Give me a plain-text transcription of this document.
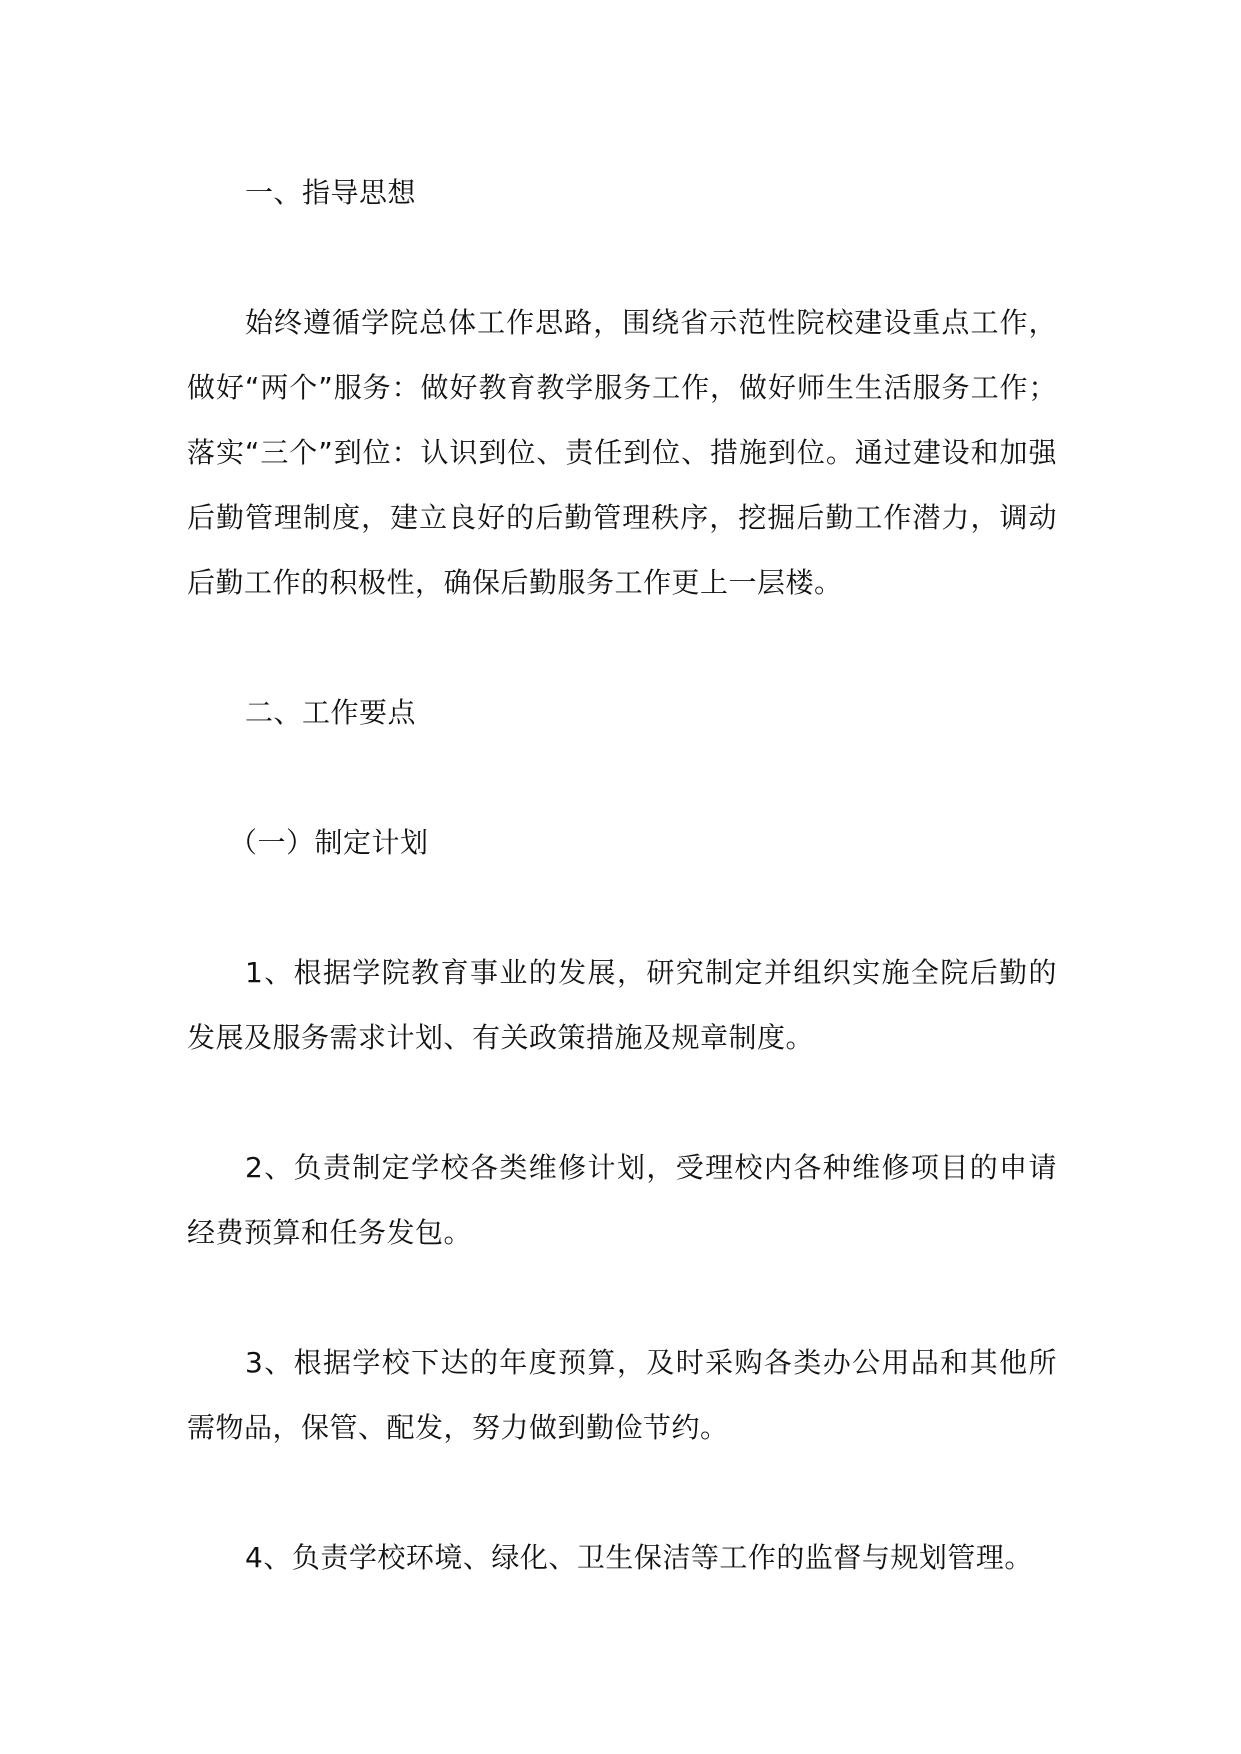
一、指导思想

始终遵循学院总体工作思路，围绕省示范性院校建设重点工作，做好“两个”服务：做好教育教学服务工作，做好师生生活服务工作；落实“三个”到位：认识到位、责任到位、措施到位。通过建设和加强后勤管理制度，建立良好的后勤管理秩序，挖掘后勤工作潜力，调动后勤工作的积极性，确保后勤服务工作更上一层楼。

二、工作要点

（一）制定计划

1、根据学院教育事业的发展，研究制定并组织实施全院后勤的发展及服务需求计划、有关政策措施及规章制度。

2、负责制定学校各类维修计划，受理校内各种维修项目的申请经费预算和任务发包。

3、根据学校下达的年度预算，及时采购各类办公用品和其他所需物品，保管、配发，努力做到勤俭节约。

4、负责学校环境、绿化、卫生保洁等工作的监督与规划管理。
